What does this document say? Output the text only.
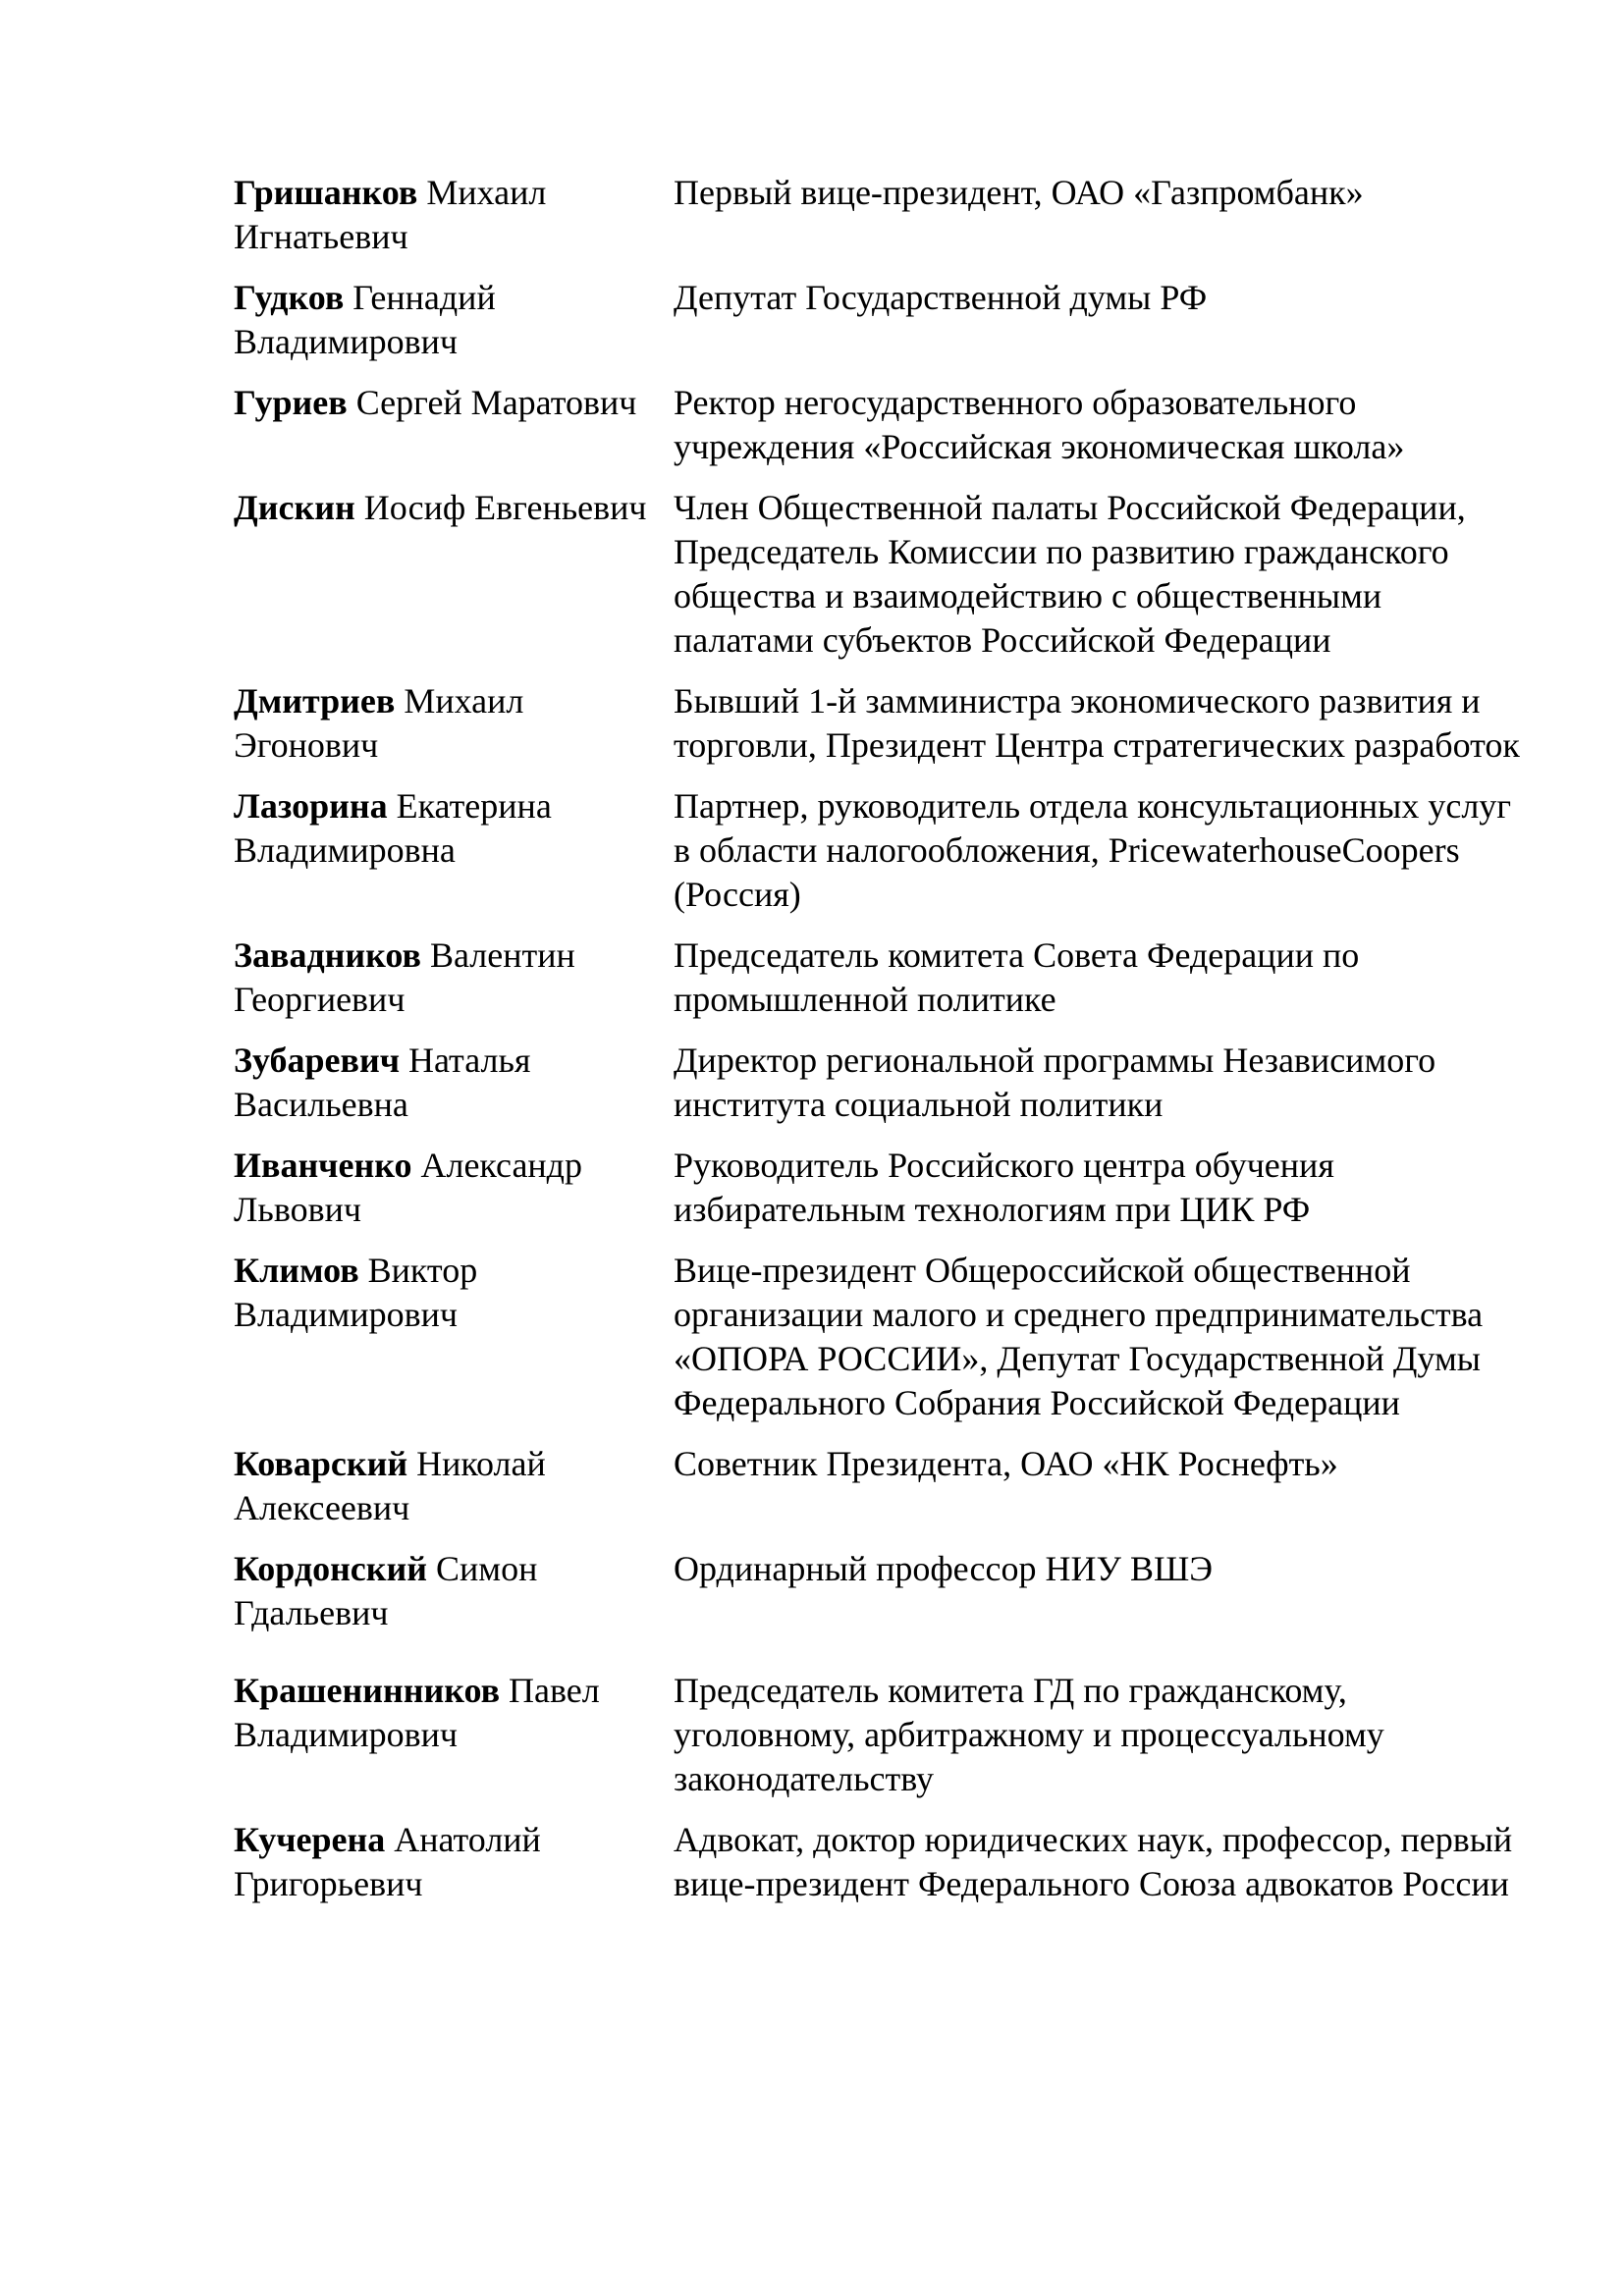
Гришанков Михаил Игнатьевич	Первый вице-президент, ОАО «Газпромбанк»
Гудков Геннадий Владимирович	Депутат Государственной думы РФ
Гуриев Сергей Маратович	Ректор негосударственного образовательного учреждения «Российская экономическая школа»
Дискин Иосиф Евгеньевич	Член Общественной палаты Российской Федерации, Председатель Комиссии по развитию гражданского общества и взаимодействию с общественными палатами субъектов Российской Федерации
Дмитриев Михаил Эгонович	Бывший 1-й замминистра экономического развития и торговли, Президент Центра стратегических разработок
Лазорина Екатерина Владимировна	Партнер, руководитель отдела консультационных услуг в области налогообложения, PricewaterhouseCoopers (Россия)
Завадников Валентин Георгиевич	Председатель комитета Совета Федерации по промышленной политике
Зубаревич Наталья Васильевна	Директор региональной программы Независимого института социальной политики
Иванченко Александр Львович	Руководитель Российского центра обучения избирательным технологиям при ЦИК РФ
Климов Виктор Владимирович	Вице-президент Общероссийской общественной организации малого и среднего предпринимательства «ОПОРА РОССИИ», Депутат Государственной Думы Федерального Собрания Российской Федерации
Коварский Николай Алексеевич	Советник Президента, ОАО «НК Роснефть»
Кордонский Симон Гдальевич	Ординарный профессор НИУ ВШЭ
Крашенинников Павел Владимирович	Председатель комитета ГД по гражданскому, уголовному, арбитражному и процессуальному законодательству
Кучерена Анатолий Григорьевич	Адвокат, доктор юридических наук, профессор, первый вице-президент Федерального Союза адвокатов России
